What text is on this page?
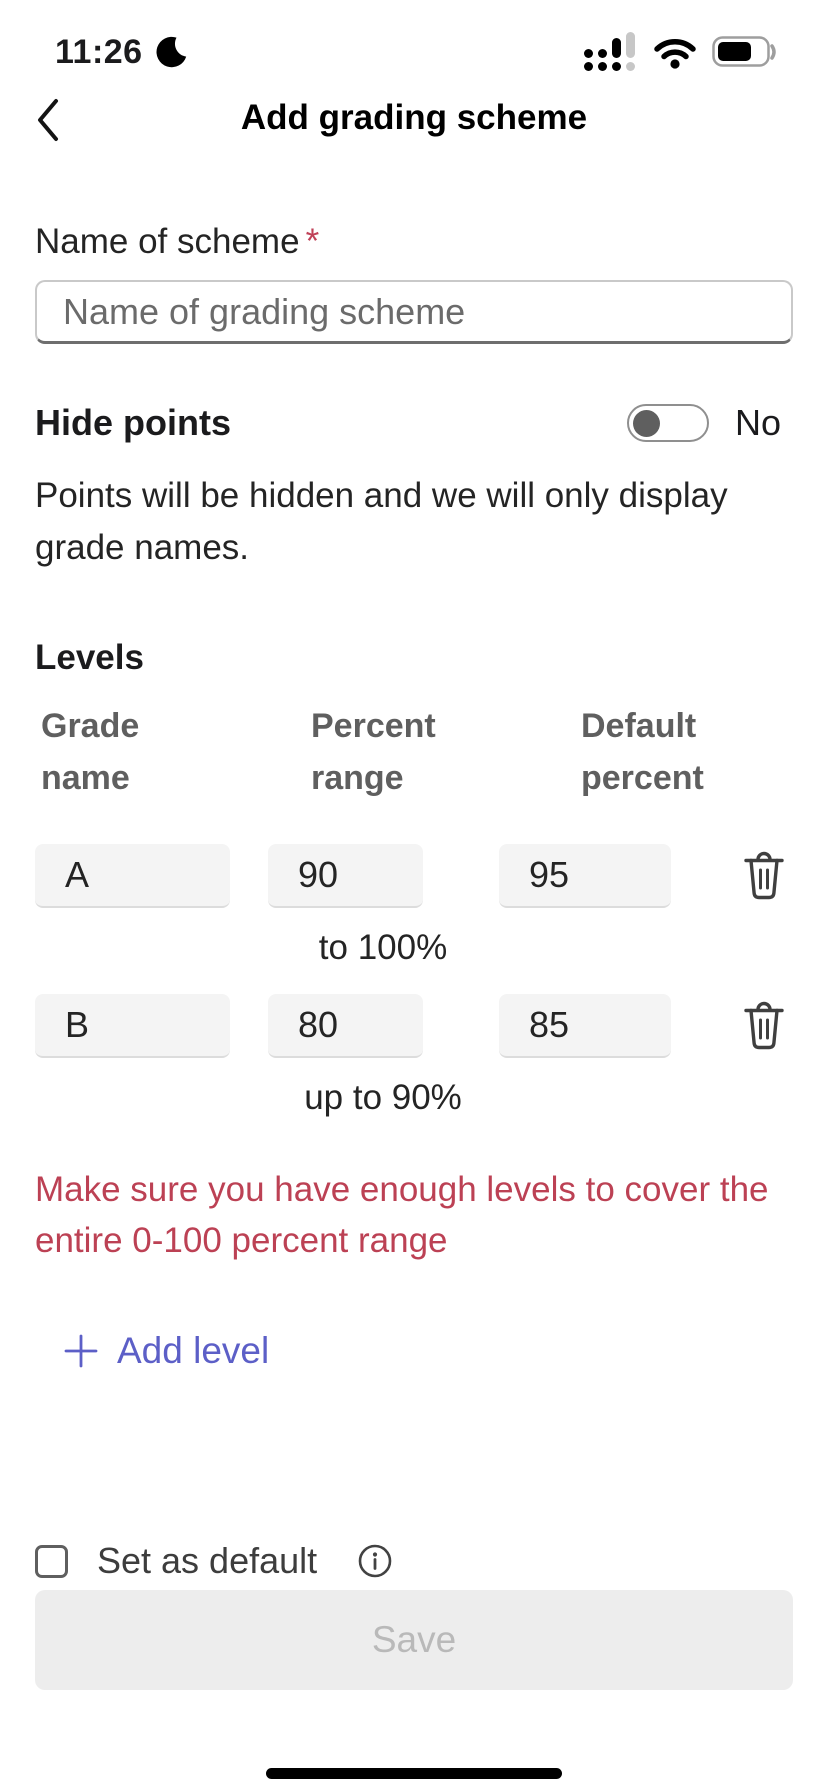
11:26
Add grading scheme
Name of scheme *
Name of grading scheme
Hide points	No
Points will be hidden and we will only display grade names.
Levels
Grade name
Percent range
Default percent
A
90
95
to 100%
B
80
85
up to 90%
Make sure you have enough levels to cover the entire 0-100 percent range
Add level
Set as default
Save
